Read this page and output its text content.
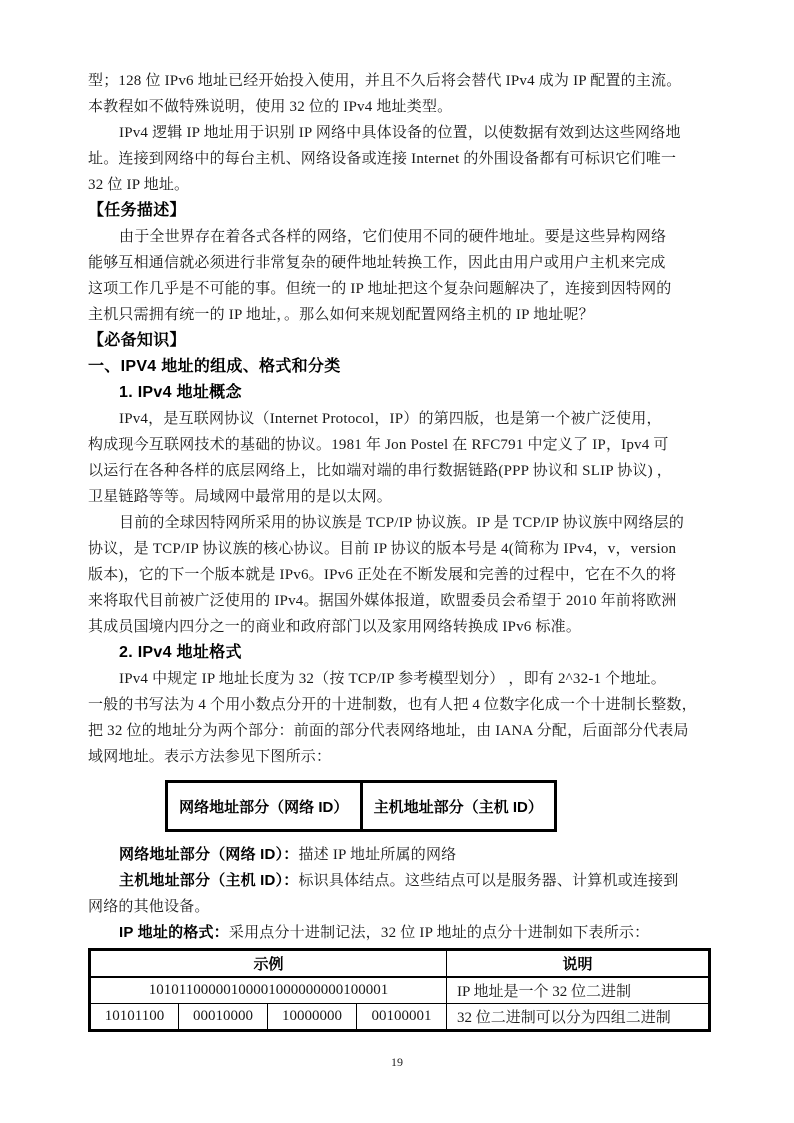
型；128 位 IPv6 地址已经开始投入使用，并且不久后将会替代 IPv4 成为 IP 配置的主流。
本教程如不做特殊说明，使用 32 位的 IPv4 地址类型。
IPv4 逻辑 IP 地址用于识别 IP 网络中具体设备的位置，以使数据有效到达这些网络地
址。连接到网络中的每台主机、网络设备或连接 Internet 的外围设备都有可标识它们唯一
32 位 IP 地址。
【任务描述】
由于全世界存在着各式各样的网络，它们使用不同的硬件地址。要是这些异构网络
能够互相通信就必须进行非常复杂的硬件地址转换工作，因此由用户或用户主机来完成
这项工作几乎是不可能的事。但统一的 IP 地址把这个复杂问题解决了，连接到因特网的
主机只需拥有统一的 IP 地址，。那么如何来规划配置网络主机的 IP 地址呢？
【必备知识】
一、IPV4 地址的组成、格式和分类
1. IPv4 地址概念
IPv4，是互联网协议（Internet Protocol，IP）的第四版，也是第一个被广泛使用，
构成现今互联网技术的基础的协议。1981 年 Jon Postel 在 RFC791 中定义了 IP，Ipv4 可
以运行在各种各样的底层网络上，比如端对端的串行数据链路(PPP 协议和 SLIP 协议) ，
卫星链路等等。局域网中最常用的是以太网。
目前的全球因特网所采用的协议族是 TCP/IP 协议族。IP 是 TCP/IP 协议族中网络层的
协议，是 TCP/IP 协议族的核心协议。目前 IP 协议的版本号是 4(简称为 IPv4，v，version
版本)，它的下一个版本就是 IPv6。IPv6 正处在不断发展和完善的过程中，它在不久的将
来将取代目前被广泛使用的 IPv4。据国外媒体报道，欧盟委员会希望于 2010 年前将欧洲
其成员国境内四分之一的商业和政府部门以及家用网络转换成 IPv6 标准。
2. IPv4 地址格式
IPv4 中规定 IP 地址长度为 32（按 TCP/IP 参考模型划分） ，即有 2^32-1 个地址。
一般的书写法为 4 个用小数点分开的十进制数，也有人把 4 位数字化成一个十进制长整数，
把 32 位的地址分为两个部分：前面的部分代表网络地址，由 IANA 分配，后面部分代表局
域网地址。表示方法参见下图所示：
网络地址部分（网络 ID）	主机地址部分（主机 ID）
网络地址部分（网络 ID）：描述 IP 地址所属的网络
主机地址部分（主机 ID）：标识具体结点。这些结点可以是服务器、计算机或连接到
网络的其他设备。
IP 地址的格式：采用点分十进制记法，32 位 IP 地址的点分十进制如下表所示：
示例				说明
10101100000100001000000000100001				IP 地址是一个 32 位二进制
10101100	00010000	10000000	00100001	32 位二进制可以分为四组二进制
19
